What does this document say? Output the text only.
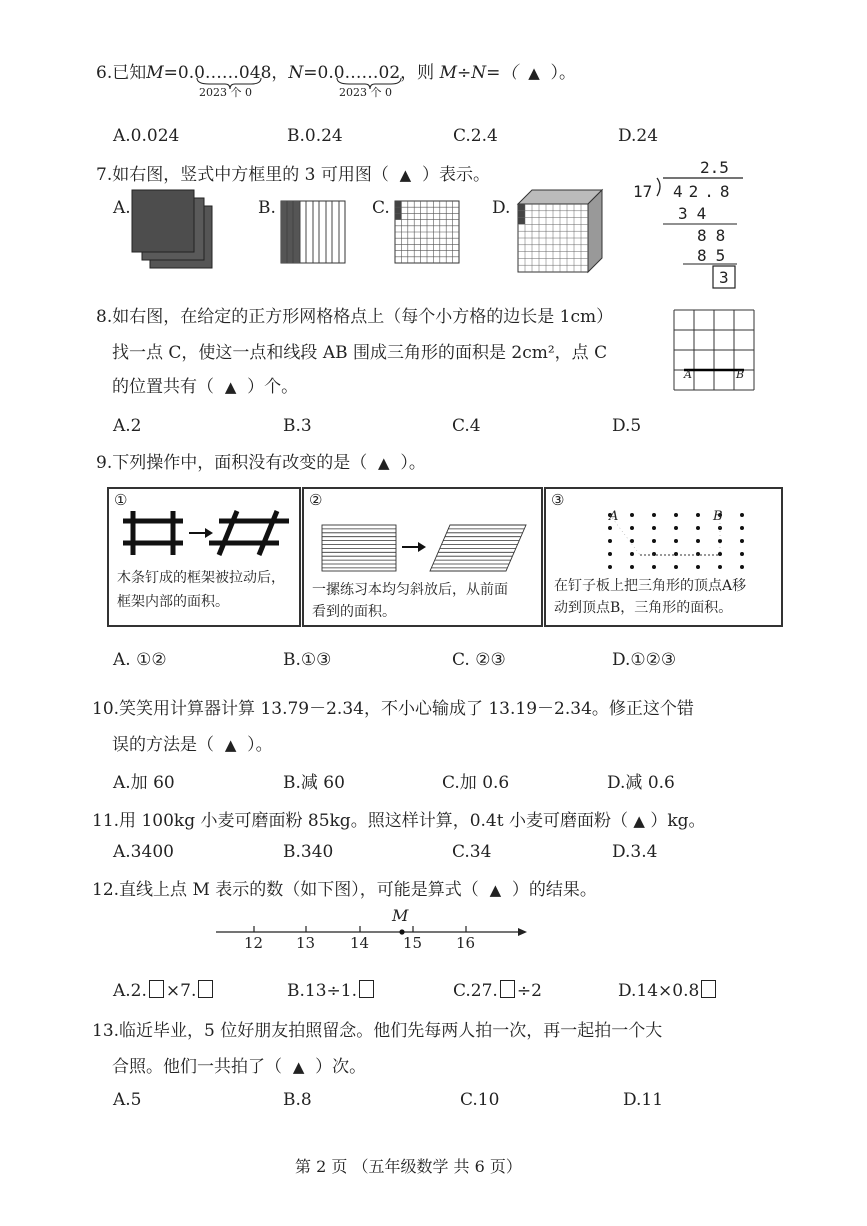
6.已知M=0.0……048，N=0.0……02，则 M÷N=（ ▲ ）。
2023 个 0	2023 个 0
A.0.024	B.0.24	C.2.4	D.24
7.如右图，竖式中方框里的 3 可用图（ ▲ ）表示。
A.	B.	C.	D.
2.5
17 42.8
34
88
85
3
8.如右图，在给定的正方形网格格点上（每个小方格的边长是 1cm）
找一点 C，使这一点和线段 AB 围成三角形的面积是 2cm²，点 C
的位置共有（ ▲ ）个。
A	B
A.2	B.3	C.4	D.5
9.下列操作中，面积没有改变的是（ ▲ ）。
①
木条钉成的框架被拉动后，
框架内部的面积。
②
一摞练习本均匀斜放后，从前面
看到的面积。
③
A	B
在钉子板上把三角形的顶点A移
动到顶点B，三角形的面积。
A. ①②	B.①③	C. ②③	D.①②③
10.笑笑用计算器计算 13.79－2.34，不小心输成了 13.19－2.34。修正这个错
误的方法是（ ▲ ）。
A.加 60	B.减 60	C.加 0.6	D.减 0.6
11.用 100kg 小麦可磨面粉 85kg。照这样计算，0.4t 小麦可磨面粉（ ▲ ）kg。
A.3400	B.340	C.34	D.3.4
12.直线上点 M 表示的数（如下图），可能是算式（ ▲ ）的结果。
M
12 13 14 15 16
A.2. ×7.	B.13÷1.	C.27. ÷2	D.14×0.8
13.临近毕业，5 位好朋友拍照留念。他们先每两人拍一次，再一起拍一个大
合照。他们一共拍了（ ▲ ）次。
A.5	B.8	C.10	D.11
第 2 页 （五年级数学 共 6 页）
